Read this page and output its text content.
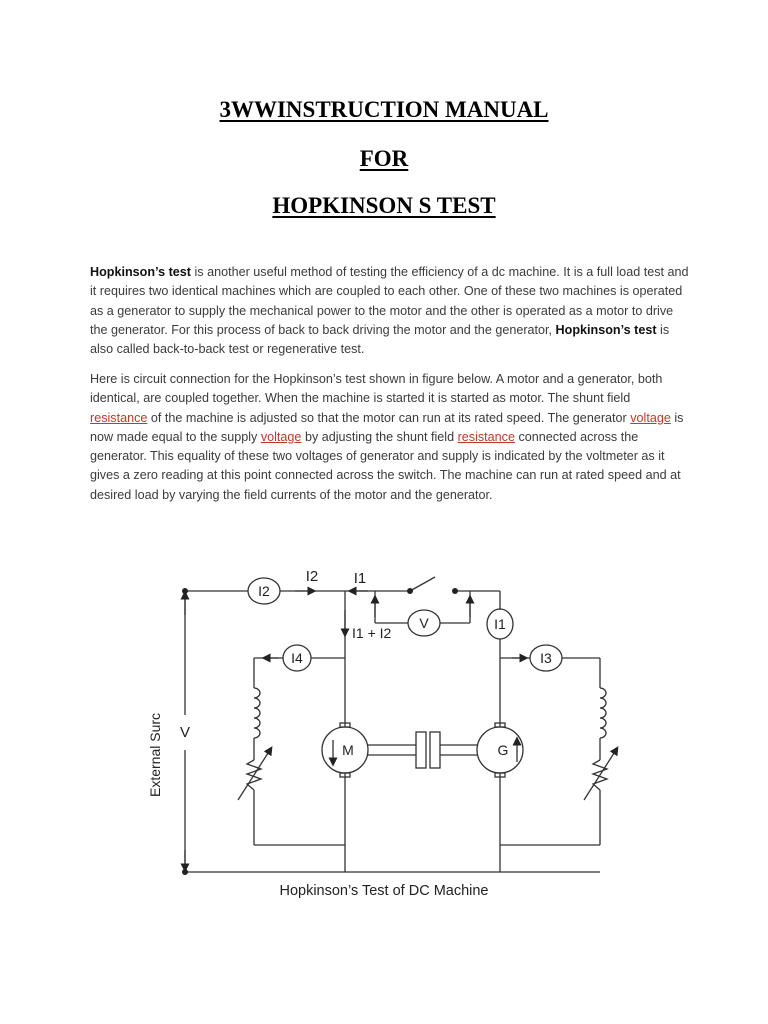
3WWINSTRUCTION MANUAL
FOR
HOPKINSON S TEST

Hopkinson’s test is another useful method of testing the efficiency of a dc machine. It is a full load test and it requires two identical machines which are coupled to each other. One of these two machines is operated as a generator to supply the mechanical power to the motor and the other is operated as a motor to drive the generator. For this process of back to back driving the motor and the generator, Hopkinson’s test is also called back-to-back test or regenerative test.

Here is circuit connection for the Hopkinson’s test shown in figure below. A motor and a generator, both identical, are coupled together. When the machine is started it is started as motor. The shunt field resistance of the machine is adjusted so that the motor can run at its rated speed. The generator voltage is now made equal to the supply voltage by adjusting the shunt field resistance connected across the generator. This equality of these two voltages of generator and supply is indicated by the voltmeter as it gives a zero reading at this point connected across the switch. The machine can run at rated speed and at desired load by varying the field currents of the motor and the generator.

External Surc V
I2
V	I1
I4	I3
I2 I1
I1 + I2
M	G

Hopkinson’s Test of DC Machine
